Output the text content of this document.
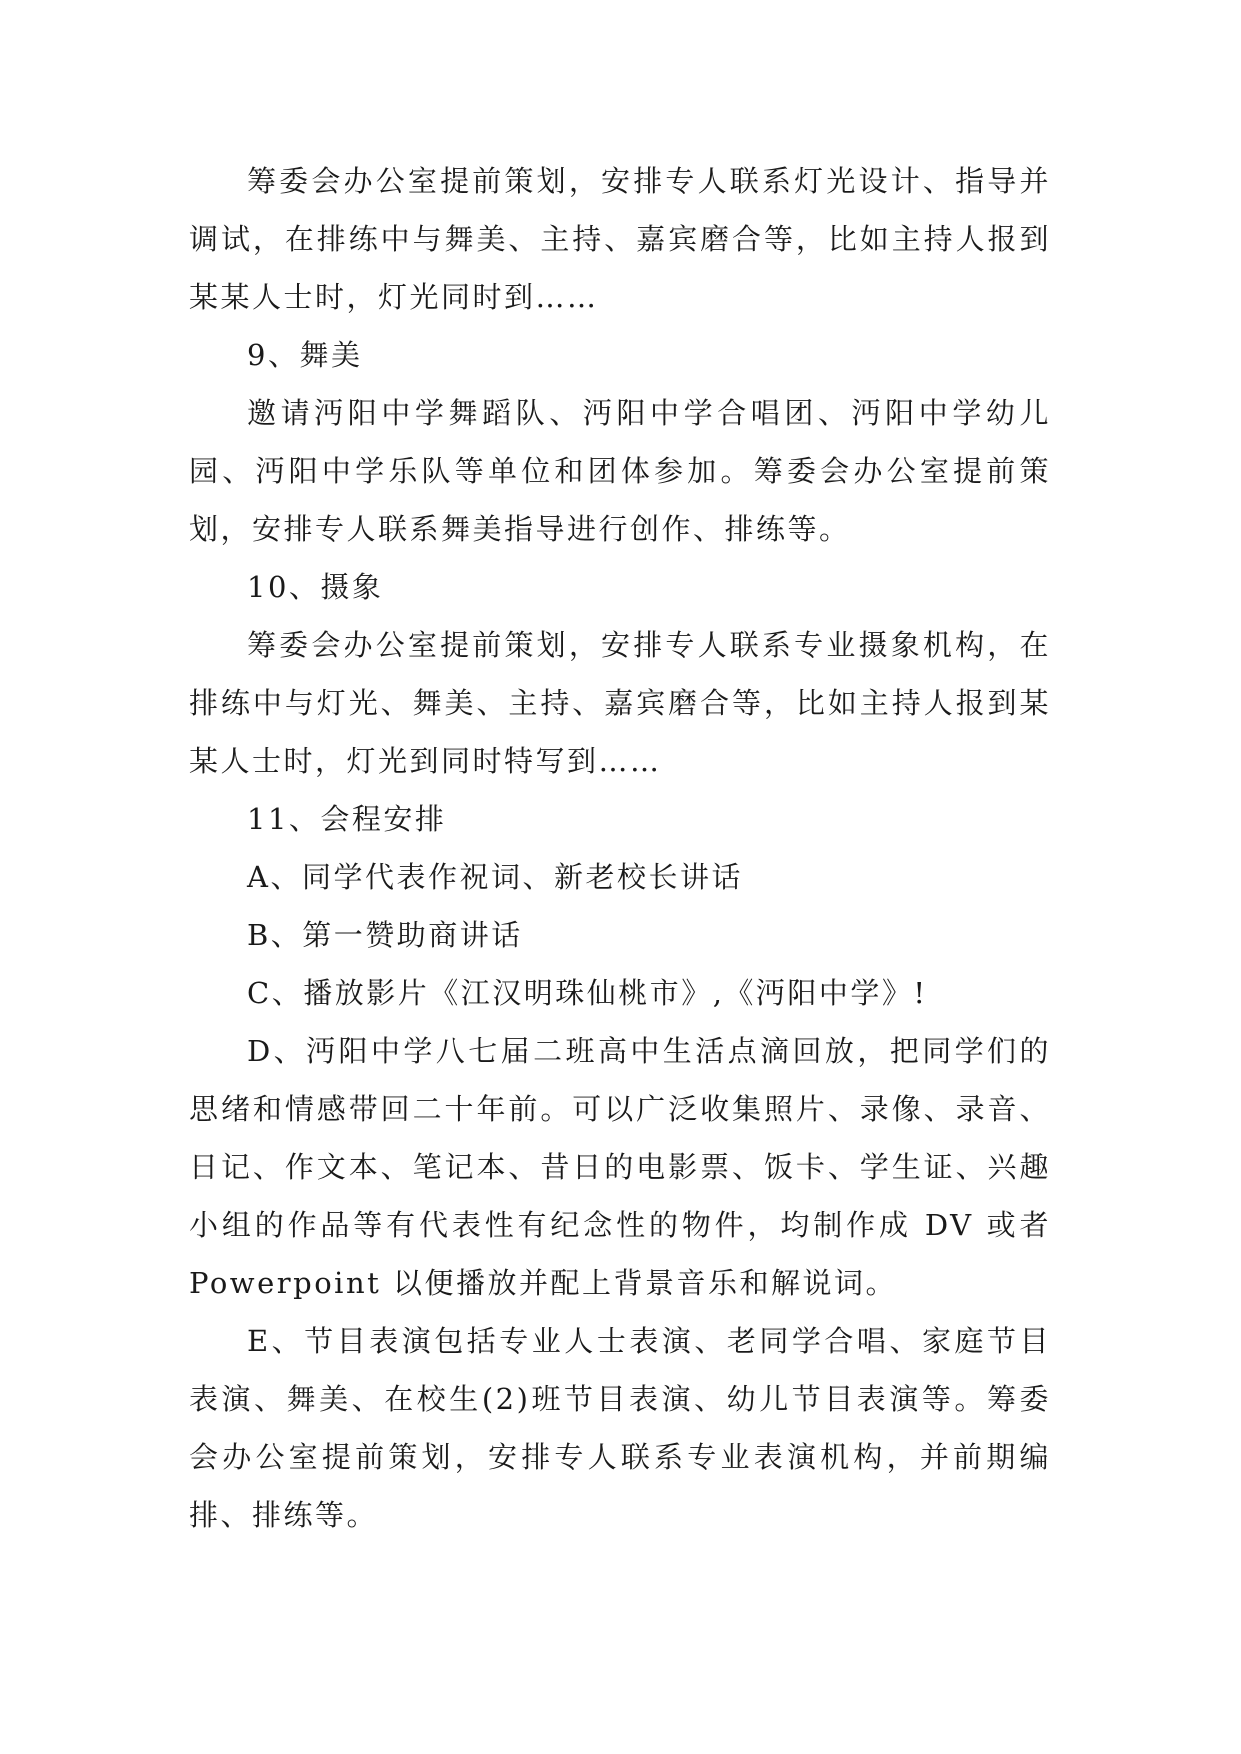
筹委会办公室提前策划，安排专人联系灯光设计、指导并调试，在排练中与舞美、主持、嘉宾磨合等，比如主持人报到某某人士时，灯光同时到……

9、舞美

邀请沔阳中学舞蹈队、沔阳中学合唱团、沔阳中学幼儿园、沔阳中学乐队等单位和团体参加。筹委会办公室提前策划，安排专人联系舞美指导进行创作、排练等。

10、摄象

筹委会办公室提前策划，安排专人联系专业摄象机构，在排练中与灯光、舞美、主持、嘉宾磨合等，比如主持人报到某某人士时，灯光到同时特写到……

11、会程安排

A、同学代表作祝词、新老校长讲话

B、第一赞助商讲话

C、播放影片《江汉明珠仙桃市》,《沔阳中学》!

D、沔阳中学八七届二班高中生活点滴回放，把同学们的思绪和情感带回二十年前。可以广泛收集照片、录像、录音、日记、作文本、笔记本、昔日的电影票、饭卡、学生证、兴趣小组的作品等有代表性有纪念性的物件，均制作成 DV 或者 Powerpoint 以便播放并配上背景音乐和解说词。

E、节目表演包括专业人士表演、老同学合唱、家庭节目表演、舞美、在校生(2)班节目表演、幼儿节目表演等。筹委会办公室提前策划，安排专人联系专业表演机构，并前期编排、排练等。
